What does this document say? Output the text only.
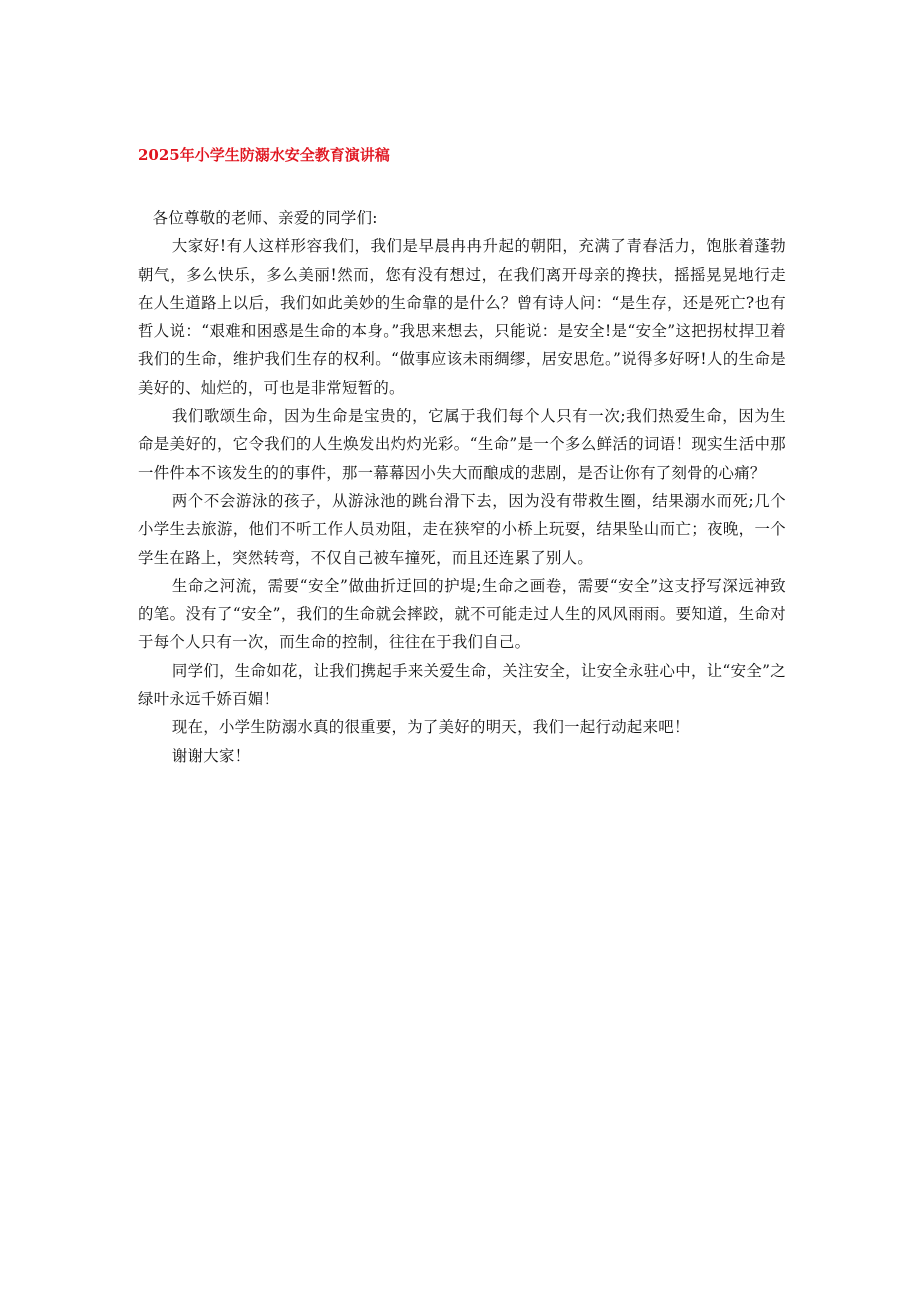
2025年小学生防溺水安全教育演讲稿

各位尊敬的老师、亲爱的同学们:

大家好!有人这样形容我们，我们是早晨冉冉升起的朝阳，充满了青春活力，饱胀着蓬勃朝气，多么快乐，多么美丽!然而，您有没有想过，在我们离开母亲的搀扶，摇摇晃晃地行走在人生道路上以后，我们如此美妙的生命靠的是什么？曾有诗人问：“是生存，还是死亡?也有哲人说：“艰难和困惑是生命的本身。”我思来想去，只能说：是安全!是“安全”这把拐杖捍卫着我们的生命，维护我们生存的权利。“做事应该未雨绸缪，居安思危。”说得多好呀!人的生命是美好的、灿烂的，可也是非常短暂的。

我们歌颂生命，因为生命是宝贵的，它属于我们每个人只有一次;我们热爱生命，因为生命是美好的，它令我们的人生焕发出灼灼光彩。“生命”是一个多么鲜活的词语！现实生活中那一件件本不该发生的的事件，那一幕幕因小失大而酿成的悲剧，是否让你有了刻骨的心痛？

两个不会游泳的孩子，从游泳池的跳台滑下去，因为没有带救生圈，结果溺水而死;几个小学生去旅游，他们不听工作人员劝阻，走在狭窄的小桥上玩耍，结果坠山而亡；夜晚，一个学生在路上，突然转弯，不仅自己被车撞死，而且还连累了别人。

生命之河流，需要“安全”做曲折迂回的护堤;生命之画卷，需要“安全”这支抒写深远神致的笔。没有了“安全”，我们的生命就会摔跤，就不可能走过人生的风风雨雨。要知道，生命对于每个人只有一次，而生命的控制，往往在于我们自己。

同学们，生命如花，让我们携起手来关爱生命，关注安全，让安全永驻心中，让“安全”之绿叶永远千娇百媚！

现在，小学生防溺水真的很重要，为了美好的明天，我们一起行动起来吧！

谢谢大家！
